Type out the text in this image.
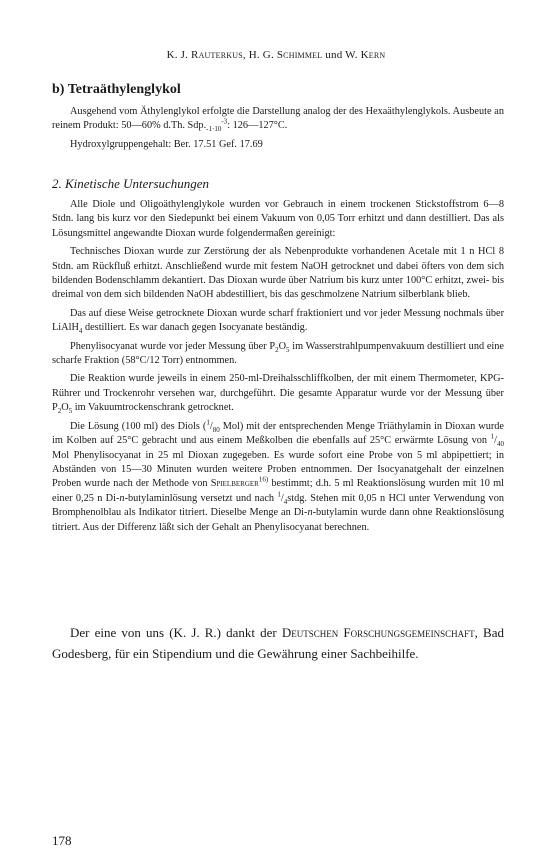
K. J. Rauterkus, H. G. Schimmel und W. Kern
b) Tetraäthylenglykol

Ausgehend vom Äthylenglykol erfolgte die Darstellung analog der des Hexaäthylenglykols. Ausbeute an reinem Produkt: 50—60% d.Th. $Sdp._{-1\cdot 10}^{-3}$: 126—127°C.

Hydroxylgruppengehalt: Ber. 17.51 Gef. 17.69

2. Kinetische Untersuchungen

Alle Diole und Oligoäthylenglykole wurden vor Gebrauch in einem trockenen Stickstoffstrom 6—8 Stdn. lang bis kurz vor den Siedepunkt bei einem Vakuum von 0,05 Torr erhitzt und dann destilliert. Das als Lösungsmittel angewandte Dioxan wurde folgendermaßen gereinigt:

Technisches Dioxan wurde zur Zerstörung der als Nebenprodukte vorhandenen Acetale mit 1 n HCl 8 Stdn. am Rückfluß erhitzt. Anschließend wurde mit festem NaOH getrocknet und dabei öfters von dem sich bildenden Bodenschlamm dekantiert. Das Dioxan wurde über Natrium bis kurz unter 100°C erhitzt, zwei- bis dreimal von dem sich bildenden NaOH abdestilliert, bis das geschmolzene Natrium silberblank blieb.

Das auf diese Weise getrocknete Dioxan wurde scharf fraktioniert und vor jeder Messung nochmals über LiAlH$_4$ destilliert. Es war danach gegen Isocyanate beständig.

Phenylisocyanat wurde vor jeder Messung über $P_2O_5$ im Wasserstrahlpumpenvakuum destilliert und eine scharfe Fraktion (58°C/12 Torr) entnommen.

Die Reaktion wurde jeweils in einem 250-ml-Dreihalsschliffkolben, der mit einem Thermometer, KPG-Rührer und Trockenrohr versehen war, durchgeführt. Die gesamte Apparatur wurde vor der Messung über $P_2O_5$ im Vakuumtrockenschrank getrocknet.

Die Lösung (100 ml) des Diols ($^1/_{80}$ Mol) mit der entsprechenden Menge Triäthylamin in Dioxan wurde im Kolben auf 25°C gebracht und aus einem Meßkolben die ebenfalls auf 25°C erwärmte Lösung von $^1/_{40}$ Mol Phenylisocyanat in 25 ml Dioxan zugegeben. Es wurde sofort eine Probe von 5 ml abpipettiert; in Abständen von 15—30 Minuten wurden weitere Proben entnommen. Der Isocyanatgehalt der einzelnen Proben wurde nach der Methode von Spielberger$^{16)}$ bestimmt; d.h. 5 ml Reaktionslösung wurden mit 10 ml einer 0,25 n Di-n-butylaminlösung versetzt und nach $^1/_4stdg$. Stehen mit 0,05 n HCl unter Verwendung von Bromphenolblau als Indikator titriert. Dieselbe Menge an Di-n-butylamin wurde dann ohne Reaktionslösung titriert. Aus der Differenz läßt sich der Gehalt an Phenylisocyanat berechnen.

Der eine von uns (K. J. R.) dankt der Deutschen Forschungsgemeinschaft, Bad Godesberg, für ein Stipendium und die Gewährung einer Sachbeihilfe.

178
